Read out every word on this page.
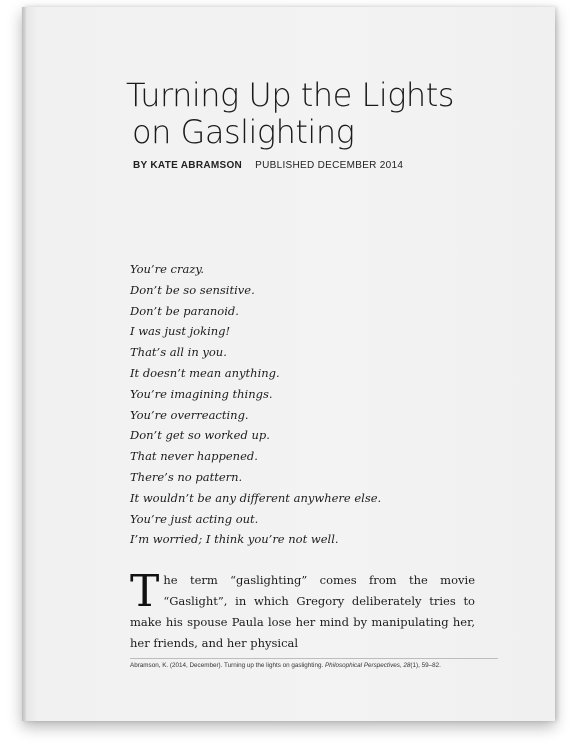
Turning Up the Lights
on Gaslighting
BY KATE ABRAMSON PUBLISHED DECEMBER 2014
You’re crazy.
Don’t be so sensitive.
Don’t be paranoid.
I was just joking!
That’s all in you.
It doesn’t mean anything.
You’re imagining things.
You’re overreacting.
Don’t get so worked up.
That never happened.
There’s no pattern.
It wouldn’t be any different anywhere else.
You’re just acting out.
I’m worried; I think you’re not well.

The term “gaslighting” comes from the movie “Gaslight”, in which Gregory deliberately tries to make his spouse Paula lose her mind by manipulating her, her friends, and her physical

Abramson, K. (2014, December). Turning up the lights on gaslighting. Philosophical Perspectives, 28(1), 59–82.
